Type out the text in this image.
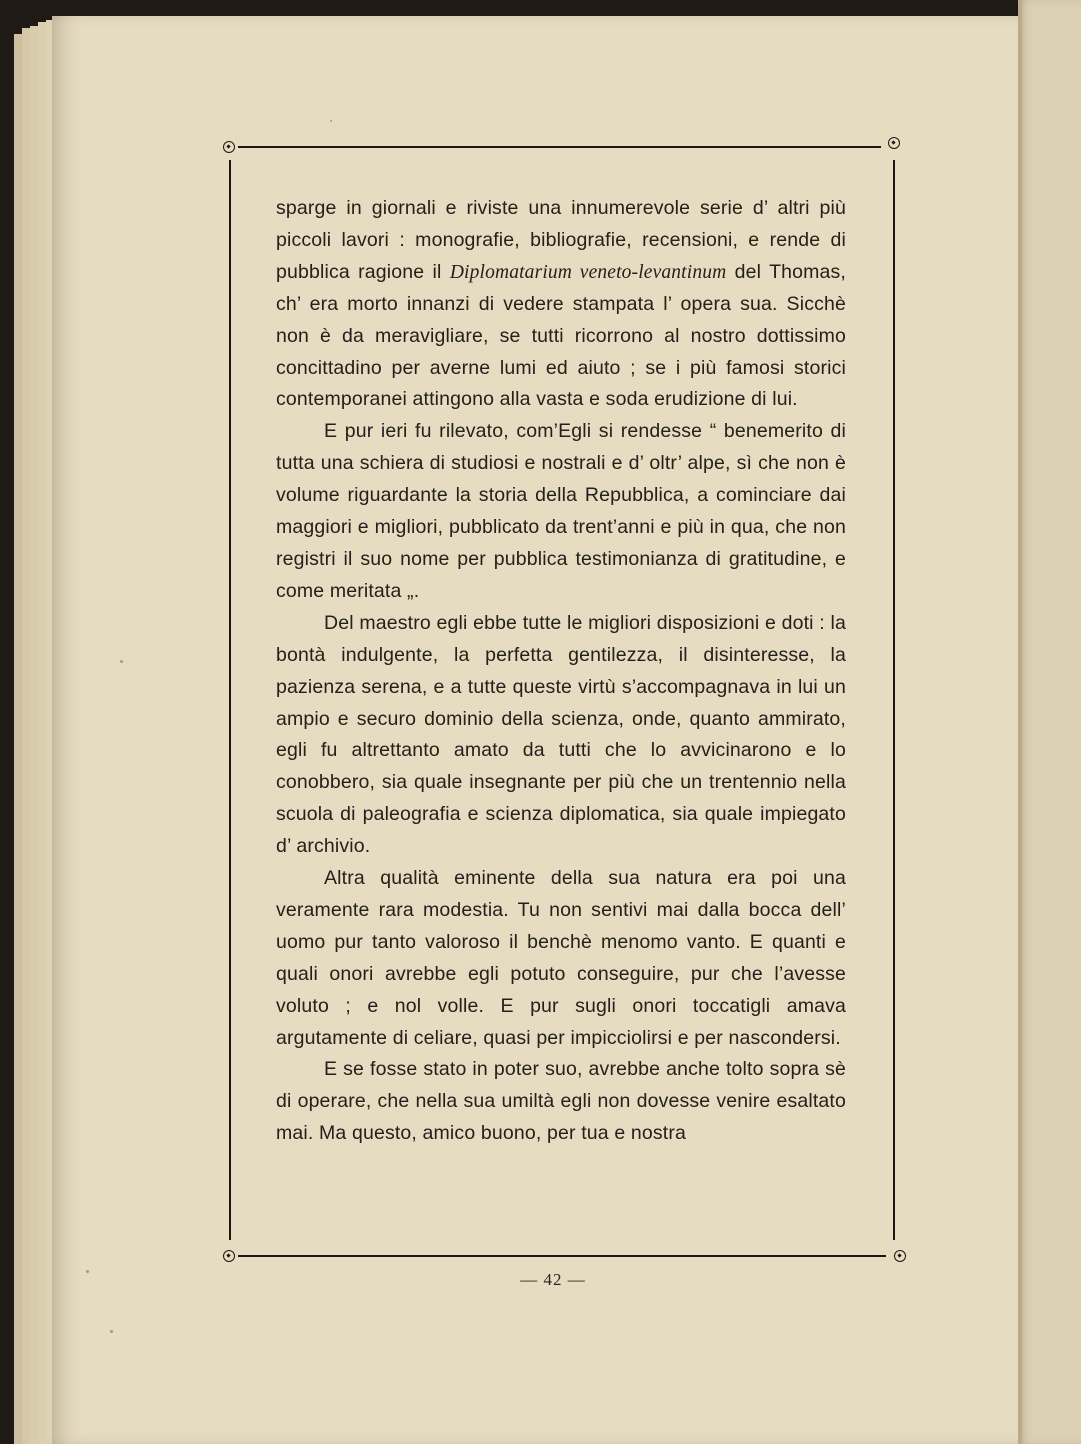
sparge in giornali e riviste una innumerevole serie d’ altri più piccoli lavori : monografie, bibliografie, recensioni, e rende di pubblica ragione il Diplomatarium veneto-levantinum del Thomas, ch’ era morto innanzi di vedere stampata l’ opera sua. Sicchè non è da meravigliare, se tutti ricorrono al nostro dottissimo concittadino per averne lumi ed aiuto ; se i più famosi storici contemporanei attingono alla vasta e soda erudizione di lui.

E pur ieri fu rilevato, com’Egli si rendesse “ benemerito di tutta una schiera di studiosi e nostrali e d’ oltr’ alpe, sì che non è volume riguardante la storia della Repubblica, a cominciare dai maggiori e migliori, pubblicato da trent’anni e più in qua, che non registri il suo nome per pubblica testimonianza di gratitudine, e come meritata „.

Del maestro egli ebbe tutte le migliori disposizioni e doti : la bontà indulgente, la perfetta gentilezza, il disinteresse, la pazienza serena, e a tutte queste virtù s’accompagnava in lui un ampio e securo dominio della scienza, onde, quanto ammirato, egli fu altrettanto amato da tutti che lo avvicinarono e lo conobbero, sia quale insegnante per più che un trentennio nella scuola di paleografia e scienza diplomatica, sia quale impiegato d’ archivio.

Altra qualità eminente della sua natura era poi una veramente rara modestia. Tu non sentivi mai dalla bocca dell’ uomo pur tanto valoroso il benchè menomo vanto. E quanti e quali onori avrebbe egli potuto conseguire, pur che l’avesse voluto ; e nol volle. E pur sugli onori toccatigli amava argutamente di celiare, quasi per impicciolirsi e per nascondersi.

E se fosse stato in poter suo, avrebbe anche tolto sopra sè di operare, che nella sua umiltà egli non dovesse venire esaltato mai. Ma questo, amico buono, per tua e nostra

— 42 —
